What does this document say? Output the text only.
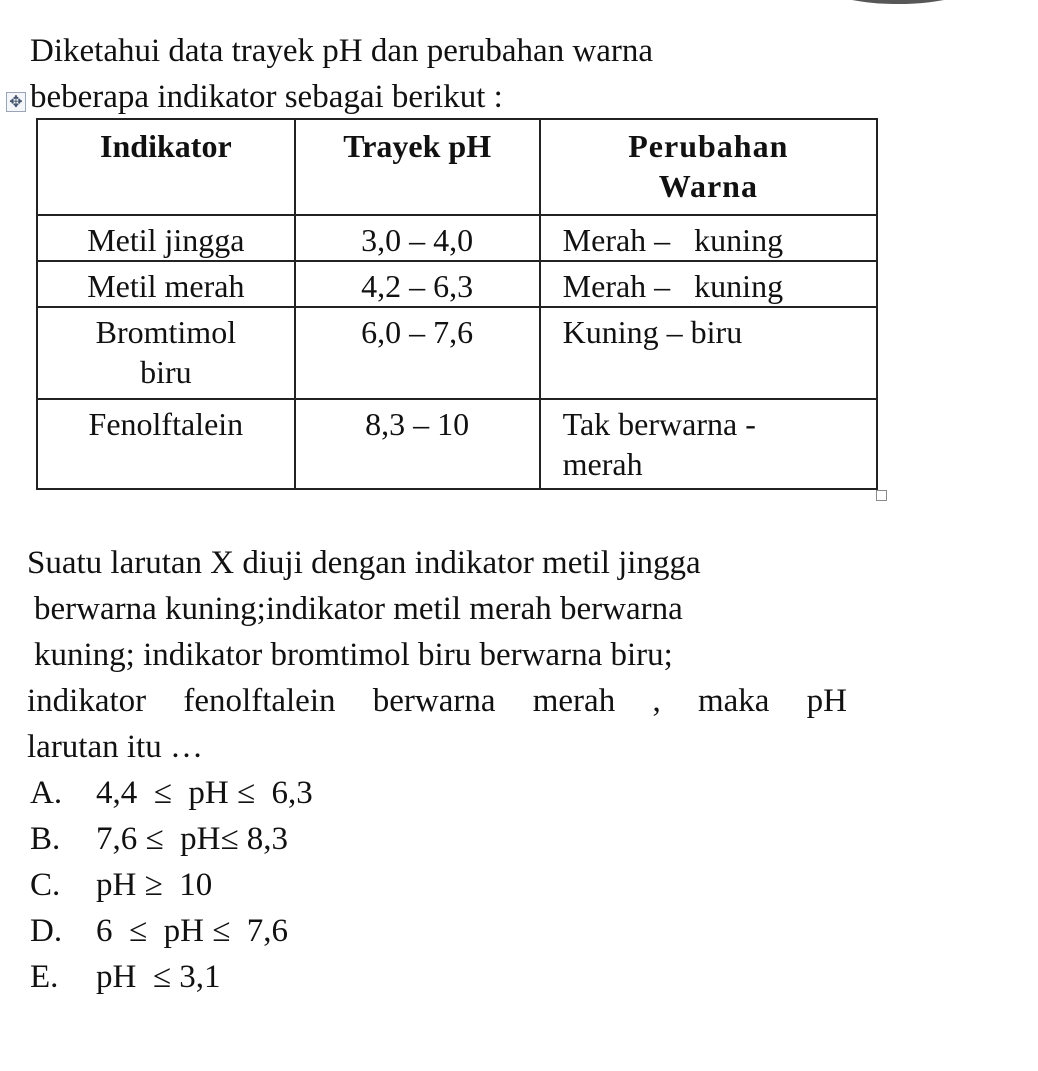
Diketahui data trayek pH dan perubahan warna
beberapa indikator sebagai berikut :

✥
Indikator	Trayek pH	Perubahan
Warna

Metil jingga	3,0 – 4,0	Merah –   kuning
Metil merah	4,2 – 6,3	Merah –   kuning
Bromtimol biru	6,0 – 7,6	Kuning – biru
Fenolftalein	8,3 – 10	Tak berwarna - merah

Suatu larutan X diuji dengan indikator metil jingga
berwarna kuning;indikator metil merah berwarna
kuning; indikator bromtimol biru berwarna biru;
indikator fenolftalein berwarna merah , maka pH
larutan itu …

A.	4,4  ≤  pH ≤  6,3
B.	7,6 ≤  pH≤ 8,3
C.	pH ≥  10
D.	6  ≤  pH ≤  7,6
E.	pH  ≤ 3,1
